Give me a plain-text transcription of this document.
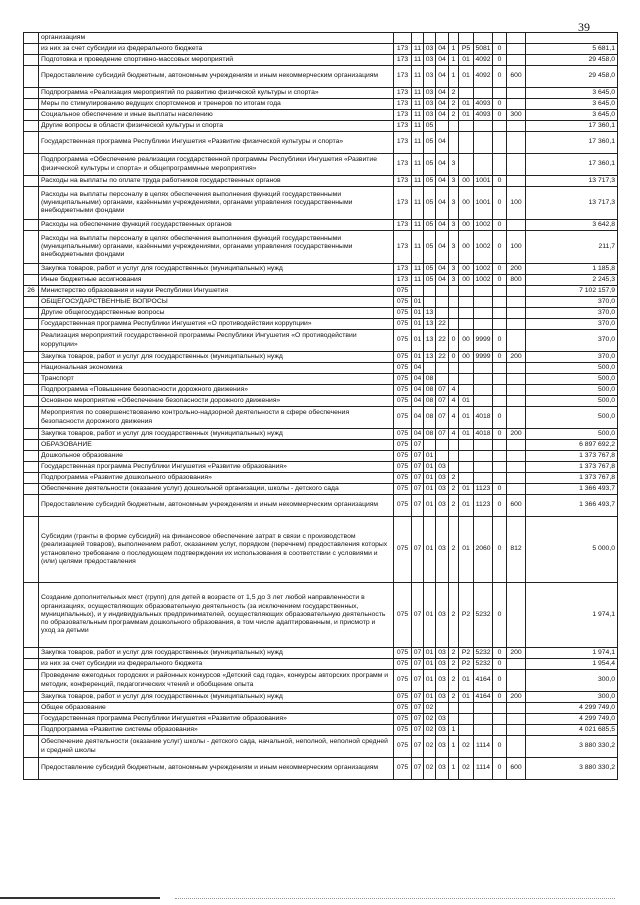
39
	организациям										
	из них за счет субсидии из федерального бюджета	173	11	03	04	1	P5	5081	0		5 681,1
	Подготовка и проведение спортивно-массовых мероприятий	173	11	03	04	1	01	4092	0		29 458,0
	Предоставление субсидий бюджетным, автономным учреждениям и иным некоммерческим организациям	173	11	03	04	1	01	4092	0	600	29 458,0
	Подпрограмма «Реализация мероприятий по развитию физической культуры и спорта»	173	11	03	04	2					3 645,0
	Меры по стимулированию ведущих спортсменов и тренеров по итогам года	173	11	03	04	2	01	4093	0		3 645,0
	Социальное обеспечение и иные выплаты населению	173	11	03	04	2	01	4093	0	300	3 645,0
	Другие вопросы в области физической культуры и спорта	173	11	05							17 360,1
	Государственная программа Республики Ингушетия «Развитие физической культуры и спорта»	173	11	05	04						17 360,1
	Подпрограмма «Обеспечение реализации государственной программы Республики Ингушетия «Развитие физической культуры и спорта» и общепрограммные мероприятия»	173	11	05	04	3					17 360,1
	Расходы на выплаты по оплате труда работников государственных органов	173	11	05	04	3	00	1001	0		13 717,3
	Расходы на выплаты персоналу в целях обеспечения выполнения функций государственными (муниципальными) органами, казёнными учреждениями, органами управления государственными внебюджетными фондами	173	11	05	04	3	00	1001	0	100	13 717,3
	Расходы на обеспечение функций государственных органов	173	11	05	04	3	00	1002	0		3 642,8
	Расходы на выплаты персоналу в целях обеспечения выполнения функций государственными (муниципальными) органами, казёнными учреждениями, органами управления государственными внебюджетными фондами	173	11	05	04	3	00	1002	0	100	211,7
	Закупка товаров, работ и услуг для государственных (муниципальных) нужд	173	11	05	04	3	00	1002	0	200	1 185,8
	Иные бюджетные ассигнования	173	11	05	04	3	00	1002	0	800	2 245,3
26	Министерство образования и науки Республики Ингушетия	075									7 102 157,9
	ОБЩЕГОСУДАРСТВЕННЫЕ ВОПРОСЫ	075	01								370,0
	Другие общегосударственные вопросы	075	01	13							370,0
	Государственная программа Республики Ингушетия «О противодействии коррупции»	075	01	13	22						370,0
	Реализация мероприятий государственной программы Республики Ингушетия «О противодействии коррупции»	075	01	13	22	0	00	9999	0		370,0
	Закупка товаров, работ и услуг для государственных (муниципальных) нужд	075	01	13	22	0	00	9999	0	200	370,0
	Национальная экономика	075	04								500,0
	Транспорт	075	04	08							500,0
	Подпрограмма «Повышение безопасности дорожного движения»	075	04	08	07	4					500,0
	Основное мероприятие «Обеспечение безопасности дорожного движения»	075	04	08	07	4	01				500,0
	Мероприятия по совершенствованию контрольно-надзорной деятельности в сфере обеспечения безопасности дорожного движения	075	04	08	07	4	01	4018	0		500,0
	Закупка товаров, работ и услуг для государственных (муниципальных) нужд	075	04	08	07	4	01	4018	0	200	500,0
	ОБРАЗОВАНИЕ	075	07								6 897 692,2
	Дошкольное образование	075	07	01							1 373 767,8
	Государственная программа Республики Ингушетия «Развитие образования»	075	07	01	03						1 373 767,8
	Подпрограмма «Развитие дошкольного образования»	075	07	01	03	2					1 373 767,8
	Обеспечение деятельности (оказание услуг) дошкольной организации, школы - детского сада	075	07	01	03	2	01	1123	0		1 366 493,7
	Предоставление субсидий бюджетным, автономным учреждениям и иным некоммерческим организациям	075	07	01	03	2	01	1123	0	600	1 366 493,7
	Субсидии (гранты в форме субсидий) на финансовое обеспечение затрат в связи с производством (реализацией товаров), выполнением работ, оказанием услуг, порядком (перечнем) предоставления которых установлено требование о последующем подтверждении их использования в соответствии с условиями и (или) целями предоставления	075	07	01	03	2	01	2060	0	812	5 000,0
	Создание дополнительных мест (групп) для детей в возрасте от 1,5 до 3 лет любой направленности в организациях, осуществляющих образовательную деятельность (за исключением государственных, муниципальных), и у индивидуальных предпринимателей, осуществляющих образовательную деятельность по образовательным программам дошкольного образования, в том числе адаптированным, и присмотр и уход за детьми	075	07	01	03	2	P2	5232	0		1 974,1
	Закупка товаров, работ и услуг для государственных (муниципальных) нужд	075	07	01	03	2	P2	5232	0	200	1 974,1
	из них за счет субсидии из федерального бюджета	075	07	01	03	2	P2	5232	0		1 954,4
	Проведение ежегодных городских и районных конкурсов «Детский сад года», конкурсы авторских программ и методик, конференций, педагогических чтений и обобщение опыта	075	07	01	03	2	01	4164	0		300,0
	Закупка товаров, работ и услуг для государственных (муниципальных) нужд	075	07	01	03	2	01	4164	0	200	300,0
	Общее образование	075	07	02							4 299 749,0
	Государственная программа Республики Ингушетия «Развитие образования»	075	07	02	03						4 299 749,0
	Подпрограмма «Развитие системы образования»	075	07	02	03	1					4 021 685,5
	Обеспечение деятельности (оказание услуг) школы - детского сада, начальной, неполной, неполной средней и средней школы	075	07	02	03	1	02	1114	0		3 880 330,2
	Предоставление субсидий бюджетным, автономным учреждениям и иным некоммерческим организациям	075	07	02	03	1	02	1114	0	600	3 880 330,2
